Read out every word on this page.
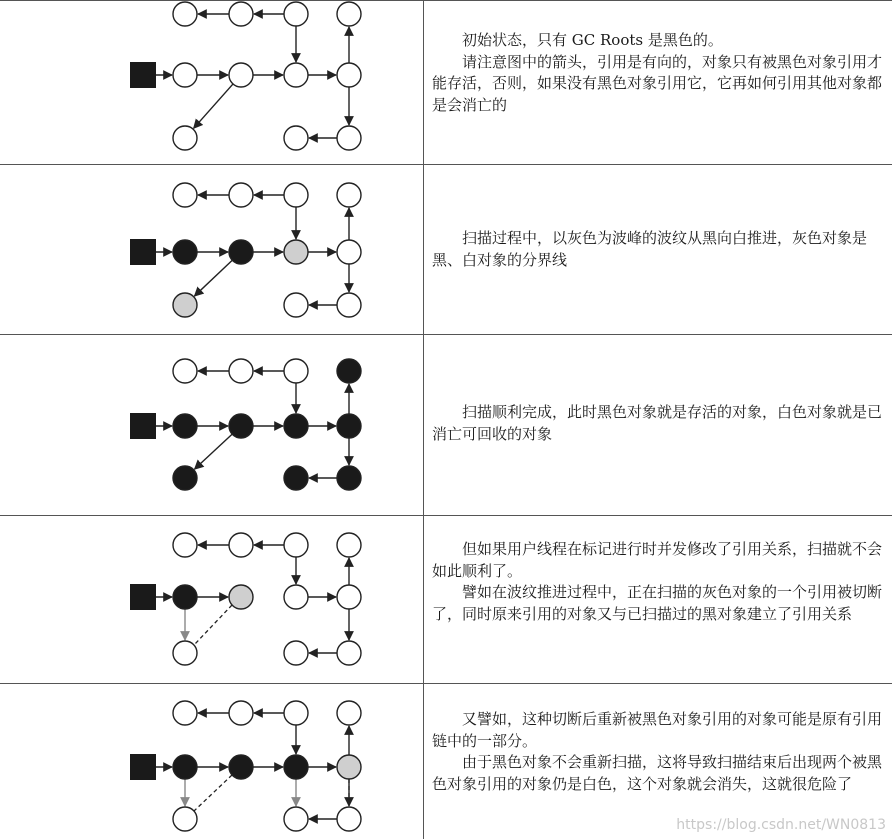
初始状态，只有 GC Roots 是黑色的。

请注意图中的箭头，引用是有向的，对象只有被黑色对象引用才能存活，否则，如果没有黑色对象引用它，它再如何引用其他对象都是会消亡的

扫描过程中，以灰色为波峰的波纹从黑向白推进，灰色对象是黑、白对象的分界线

扫描顺利完成，此时黑色对象就是存活的对象，白色对象就是已消亡可回收的对象

但如果用户线程在标记进行时并发修改了引用关系，扫描就不会如此顺利了。

譬如在波纹推进过程中，正在扫描的灰色对象的一个引用被切断了，同时原来引用的对象又与已扫描过的黑对象建立了引用关系

又譬如，这种切断后重新被黑色对象引用的对象可能是原有引用链中的一部分。

由于黑色对象不会重新扫描，这将导致扫描结束后出现两个被黑色对象引用的对象仍是白色，这个对象就会消失，这就很危险了

https://blog.csdn.net/WN0813
